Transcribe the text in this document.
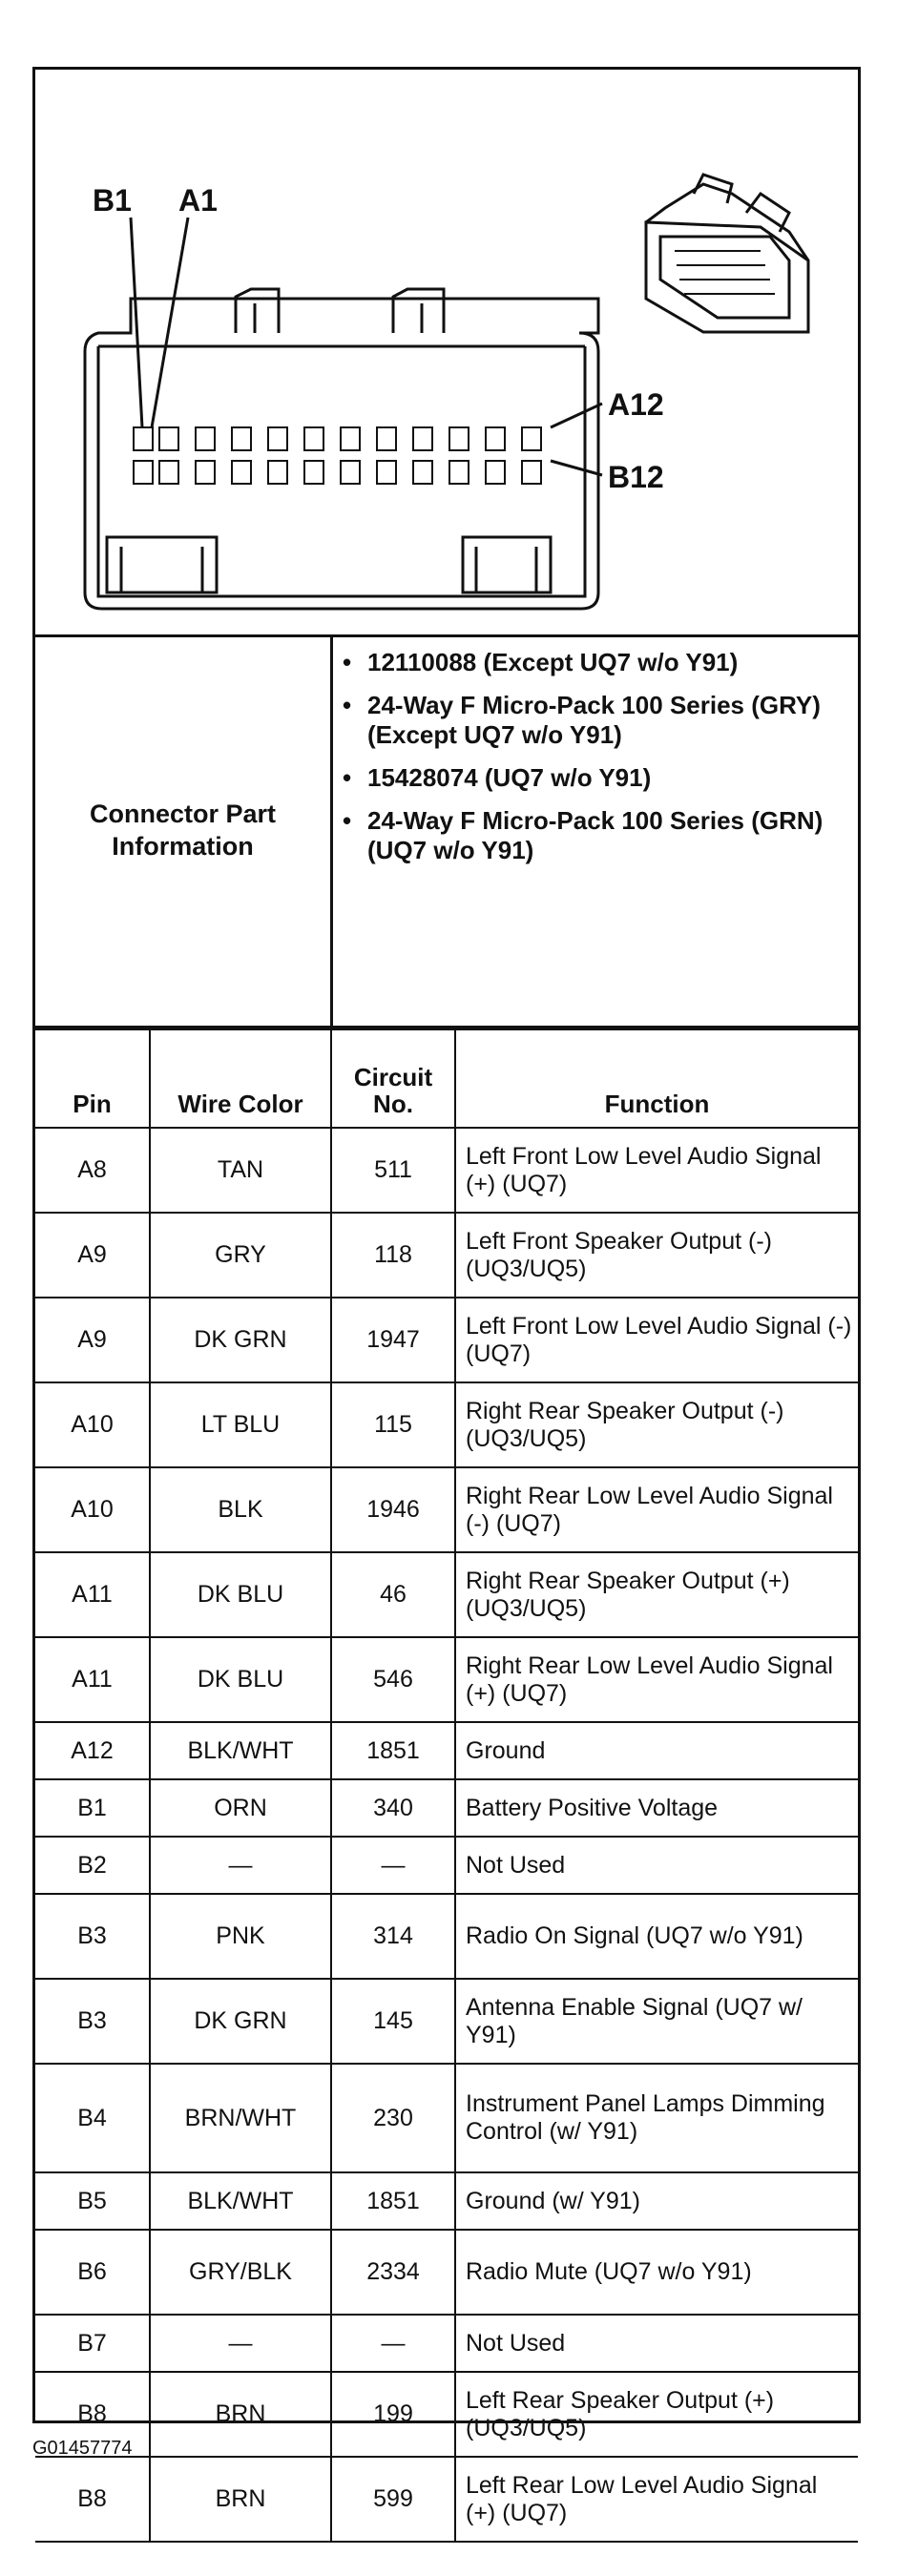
B1 A1
A12
B12
Connector Part Information
• 12110088 (Except UQ7 w/o Y91)
• 24-Way F Micro-Pack 100 Series (GRY) (Except UQ7 w/o Y91)
• 15428074 (UQ7 w/o Y91)
• 24-Way F Micro-Pack 100 Series (GRN) (UQ7 w/o Y91)
Pin	Wire Color	Circuit No.	Function
A8	TAN	511	Left Front Low Level Audio Signal (+) (UQ7)
A9	GRY	118	Left Front Speaker Output (-) (UQ3/UQ5)
A9	DK GRN	1947	Left Front Low Level Audio Signal (-) (UQ7)
A10	LT BLU	115	Right Rear Speaker Output (-) (UQ3/UQ5)
A10	BLK	1946	Right Rear Low Level Audio Signal (-) (UQ7)
A11	DK BLU	46	Right Rear Speaker Output (+) (UQ3/UQ5)
A11	DK BLU	546	Right Rear Low Level Audio Signal (+) (UQ7)
A12	BLK/WHT	1851	Ground
B1	ORN	340	Battery Positive Voltage
B2	—	—	Not Used
B3	PNK	314	Radio On Signal (UQ7 w/o Y91)
B3	DK GRN	145	Antenna Enable Signal (UQ7 w/ Y91)
B4	BRN/WHT	230	Instrument Panel Lamps Dimming Control (w/ Y91)
B5	BLK/WHT	1851	Ground (w/ Y91)
B6	GRY/BLK	2334	Radio Mute (UQ7 w/o Y91)
B7	—	—	Not Used
B8	BRN	199	Left Rear Speaker Output (+) (UQ3/UQ5)
B8	BRN	599	Left Rear Low Level Audio Signal (+) (UQ7)
G01457774
